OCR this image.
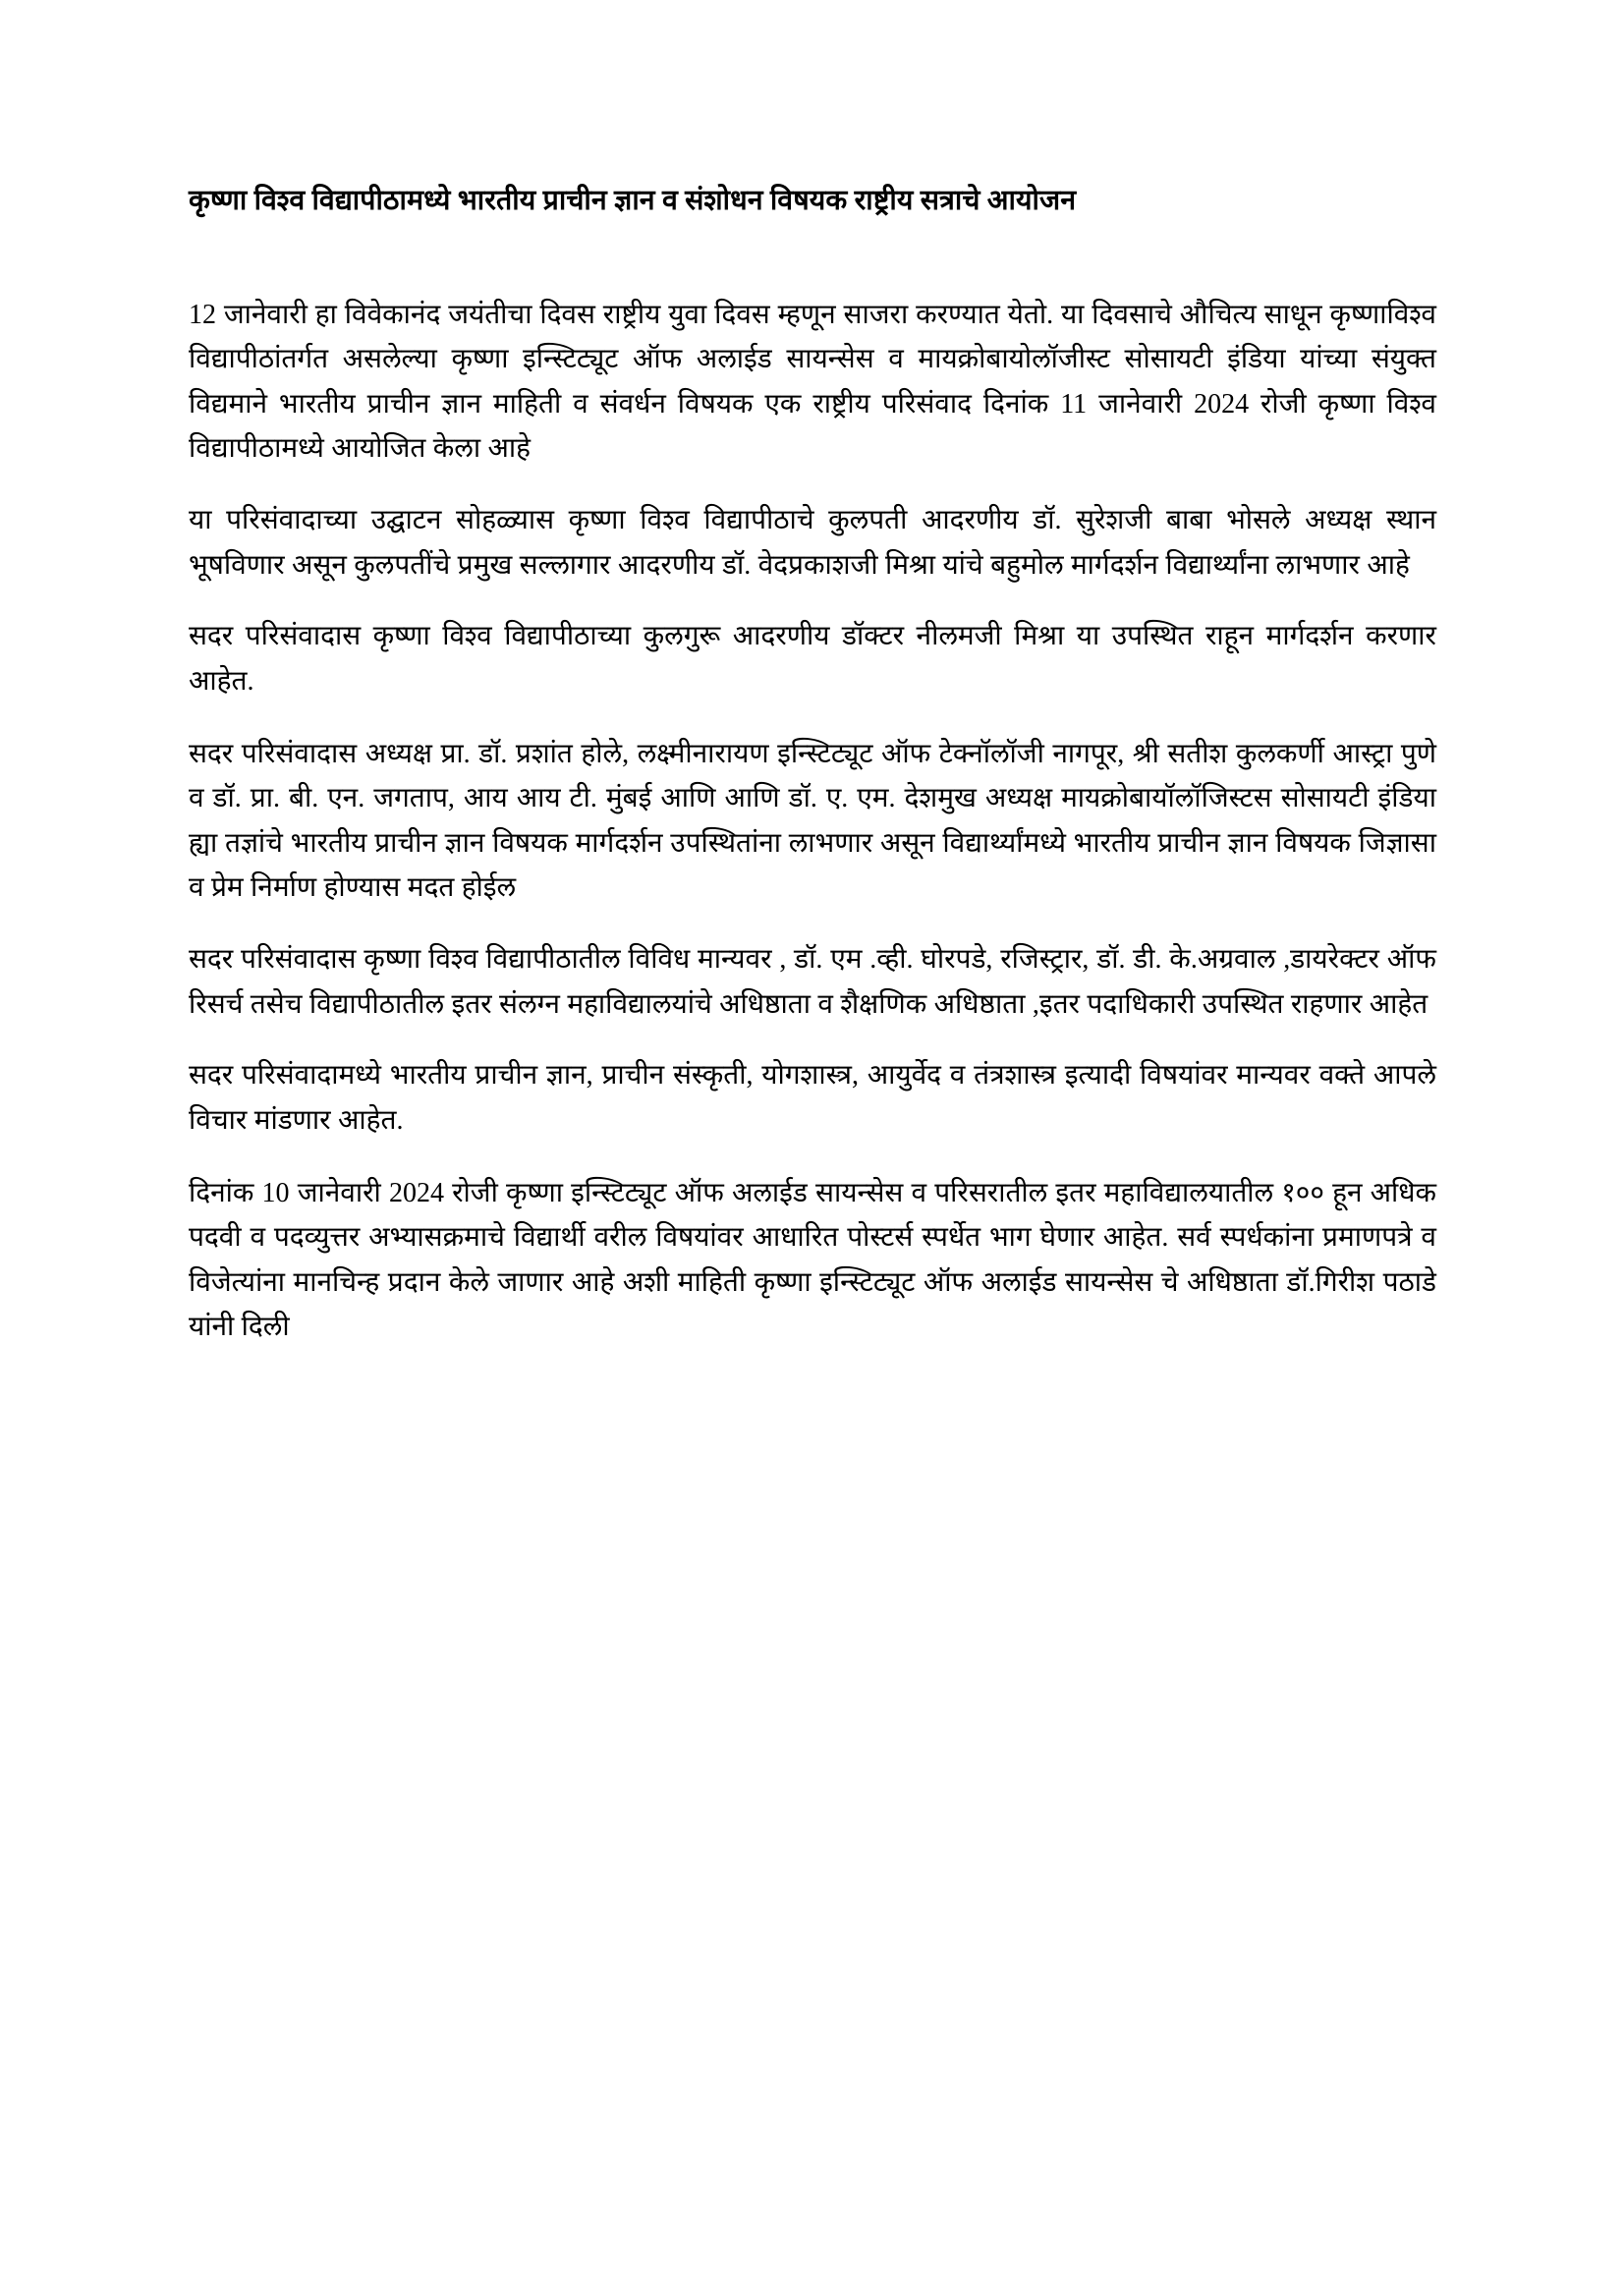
कृष्णा विश्व विद्यापीठामध्ये भारतीय प्राचीन ज्ञान व संशोधन विषयक राष्ट्रीय सत्राचे आयोजन

12 जानेवारी हा विवेकानंद जयंतीचा दिवस राष्ट्रीय युवा दिवस म्हणून साजरा करण्यात येतो. या दिवसाचे औचित्य साधून कृष्णाविश्व विद्यापीठांतर्गत असलेल्या कृष्णा इन्स्टिट्यूट ऑफ अलाईड सायन्सेस व मायक्रोबायोलॉजीस्ट सोसायटी इंडिया यांच्या संयुक्त विद्यमाने भारतीय प्राचीन ज्ञान माहिती व संवर्धन विषयक एक राष्ट्रीय परिसंवाद दिनांक 11 जानेवारी 2024 रोजी कृष्णा विश्व विद्यापीठामध्ये आयोजित केला आहे

या परिसंवादाच्या उद्घाटन सोहळ्यास कृष्णा विश्व विद्यापीठाचे कुलपती आदरणीय डॉ. सुरेशजी बाबा भोसले अध्यक्ष स्थान भूषविणार असून कुलपतींचे प्रमुख सल्लागार आदरणीय डॉ. वेदप्रकाशजी मिश्रा यांचे बहुमोल मार्गदर्शन विद्यार्थ्यांना लाभणार आहे

सदर परिसंवादास कृष्णा विश्व विद्यापीठाच्या कुलगुरू आदरणीय डॉक्टर नीलमजी मिश्रा या उपस्थित राहून मार्गदर्शन करणार आहेत.

सदर परिसंवादास अध्यक्ष प्रा. डॉ. प्रशांत होले, लक्ष्मीनारायण इन्स्टिट्यूट ऑफ टेक्नॉलॉजी नागपूर, श्री सतीश कुलकर्णी आस्ट्रा पुणे व डॉ. प्रा. बी. एन. जगताप, आय आय टी. मुंबई आणि आणि डॉ. ए. एम. देशमुख अध्यक्ष मायक्रोबायॉलॉजिस्टस सोसायटी इंडिया ह्या तज्ञांचे भारतीय प्राचीन ज्ञान विषयक मार्गदर्शन उपस्थितांना लाभणार असून विद्यार्थ्यांमध्ये भारतीय प्राचीन ज्ञान विषयक जिज्ञासा व प्रेम निर्माण होण्यास मदत होईल

सदर परिसंवादास कृष्णा विश्व विद्यापीठातील विविध मान्यवर , डॉ. एम .व्ही. घोरपडे, रजिस्ट्रार, डॉ. डी. के.अग्रवाल ,डायरेक्टर ऑफ रिसर्च तसेच विद्यापीठातील इतर संलग्न महाविद्यालयांचे अधिष्ठाता व शैक्षणिक अधिष्ठाता ,इतर पदाधिकारी उपस्थित राहणार आहेत

सदर परिसंवादामध्ये भारतीय प्राचीन ज्ञान, प्राचीन संस्कृती, योगशास्त्र, आयुर्वेद व तंत्रशास्त्र इत्यादी विषयांवर मान्यवर वक्ते आपले विचार मांडणार आहेत.

दिनांक 10 जानेवारी 2024 रोजी कृष्णा इन्स्टिट्यूट ऑफ अलाईड सायन्सेस व परिसरातील इतर महाविद्यालयातील १०० हून अधिक पदवी व पदव्युत्तर अभ्यासक्रमाचे विद्यार्थी वरील विषयांवर आधारित पोस्टर्स स्पर्धेत भाग घेणार आहेत. सर्व स्पर्धकांना प्रमाणपत्रे व विजेत्यांना मानचिन्ह प्रदान केले जाणार आहे अशी माहिती कृष्णा इन्स्टिट्यूट ऑफ अलाईड सायन्सेस चे अधिष्ठाता डॉ.गिरीश पठाडे यांनी दिली
